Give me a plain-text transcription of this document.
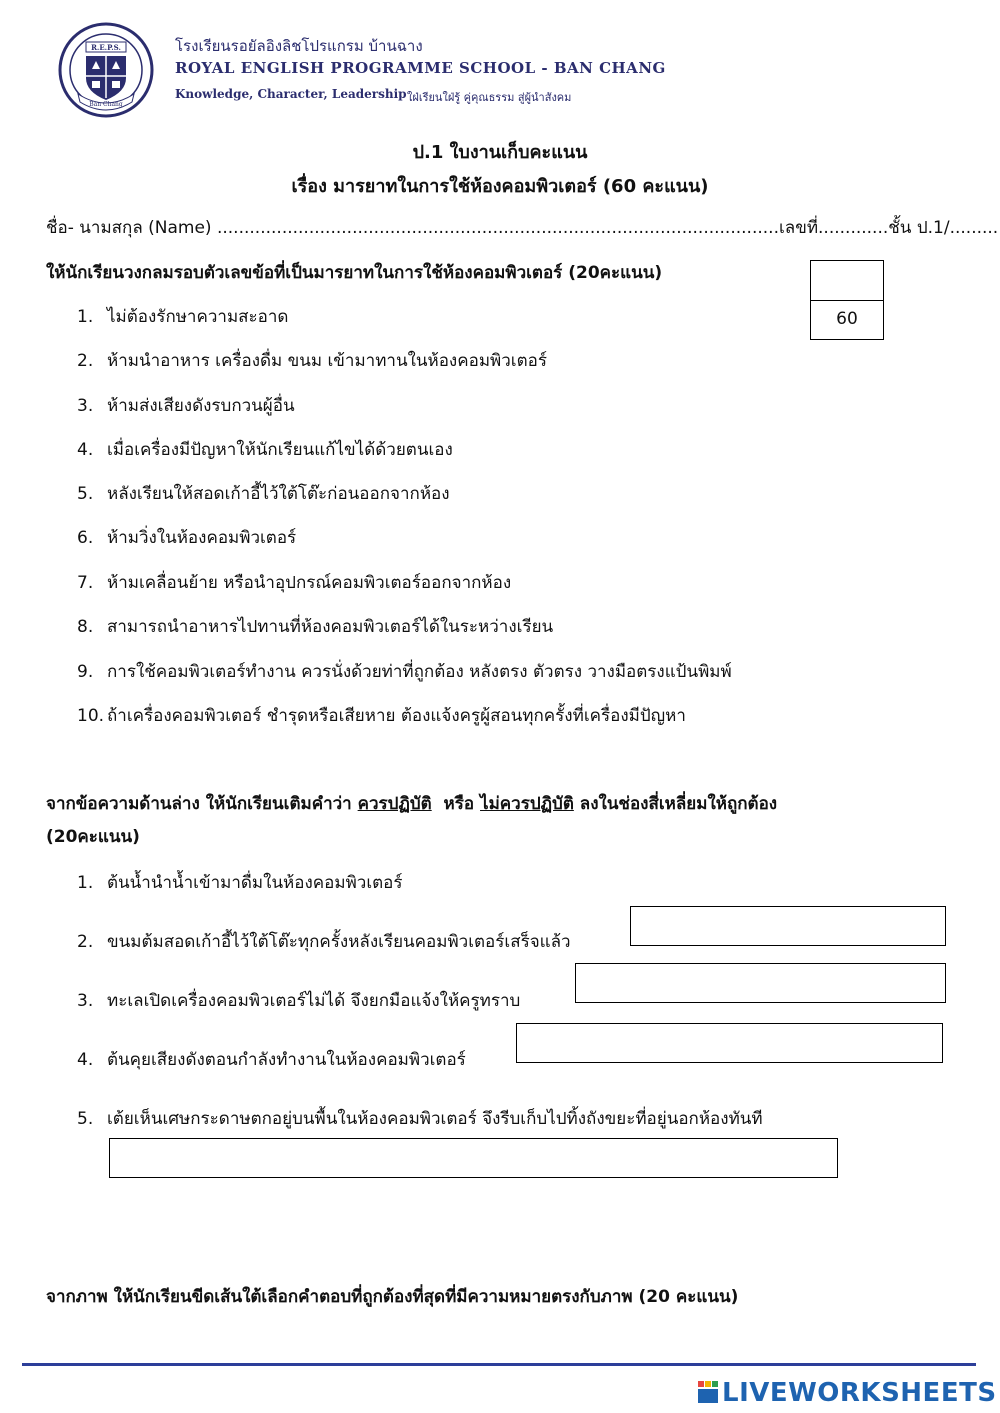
R.E.P.S.
Ban Chang
โรงเรียนรอยัลอิงลิชโปรแกรม บ้านฉาง
ROYAL ENGLISH PROGRAMME SCHOOL - BAN CHANG
Knowledge, Character, Leadership ใฝ่เรียนใฝ่รู้ คู่คุณธรรม สู่ผู้นำสังคม
ป.1 ใบงานเก็บคะแนน
เรื่อง มารยาทในการใช้ห้องคอมพิวเตอร์ (60 คะแนน)
ชื่อ- นามสกุล (Name) ........................................................................................................เลขที่.............ชั้น ป.1/.........
60
ให้นักเรียนวงกลมรอบตัวเลขข้อที่เป็นมารยาทในการใช้ห้องคอมพิวเตอร์ (20คะแนน)
1. ไม่ต้องรักษาความสะอาด
2. ห้ามนำอาหาร เครื่องดื่ม ขนม เข้ามาทานในห้องคอมพิวเตอร์
3. ห้ามส่งเสียงดังรบกวนผู้อื่น
4. เมื่อเครื่องมีปัญหาให้นักเรียนแก้ไขได้ด้วยตนเอง
5. หลังเรียนให้สอดเก้าอี้ไว้ใต้โต๊ะก่อนออกจากห้อง
6. ห้ามวิ่งในห้องคอมพิวเตอร์
7. ห้ามเคลื่อนย้าย หรือนำอุปกรณ์คอมพิวเตอร์ออกจากห้อง
8. สามารถนำอาหารไปทานที่ห้องคอมพิวเตอร์ได้ในระหว่างเรียน
9. การใช้คอมพิวเตอร์ทำงาน ควรนั่งด้วยท่าที่ถูกต้อง หลังตรง ตัวตรง วางมือตรงแป้นพิมพ์
10. ถ้าเครื่องคอมพิวเตอร์ ชำรุดหรือเสียหาย ต้องแจ้งครูผู้สอนทุกครั้งที่เครื่องมีปัญหา
จากข้อความด้านล่าง ให้นักเรียนเติมคำว่า ควรปฏิบัติ  หรือ ไม่ควรปฏิบัติ ลงในช่องสี่เหลี่ยมให้ถูกต้อง
(20คะแนน)
1. ต้นน้ำนำน้ำเข้ามาดื่มในห้องคอมพิวเตอร์
2. ขนมต้มสอดเก้าอี้ไว้ใต้โต๊ะทุกครั้งหลังเรียนคอมพิวเตอร์เสร็จแล้ว
3. ทะเลเปิดเครื่องคอมพิวเตอร์ไม่ได้ จึงยกมือแจ้งให้ครูทราบ
4. ต้นคุยเสียงดังตอนกำลังทำงานในห้องคอมพิวเตอร์
5. เต้ยเห็นเศษกระดาษตกอยู่บนพื้นในห้องคอมพิวเตอร์ จึงรีบเก็บไปทิ้งถังขยะที่อยู่นอกห้องทันที
จากภาพ ให้นักเรียนขีดเส้นใต้เลือกคำตอบที่ถูกต้องที่สุดที่มีความหมายตรงกับภาพ (20 คะแนน)
LIVEWORKSHEETS
